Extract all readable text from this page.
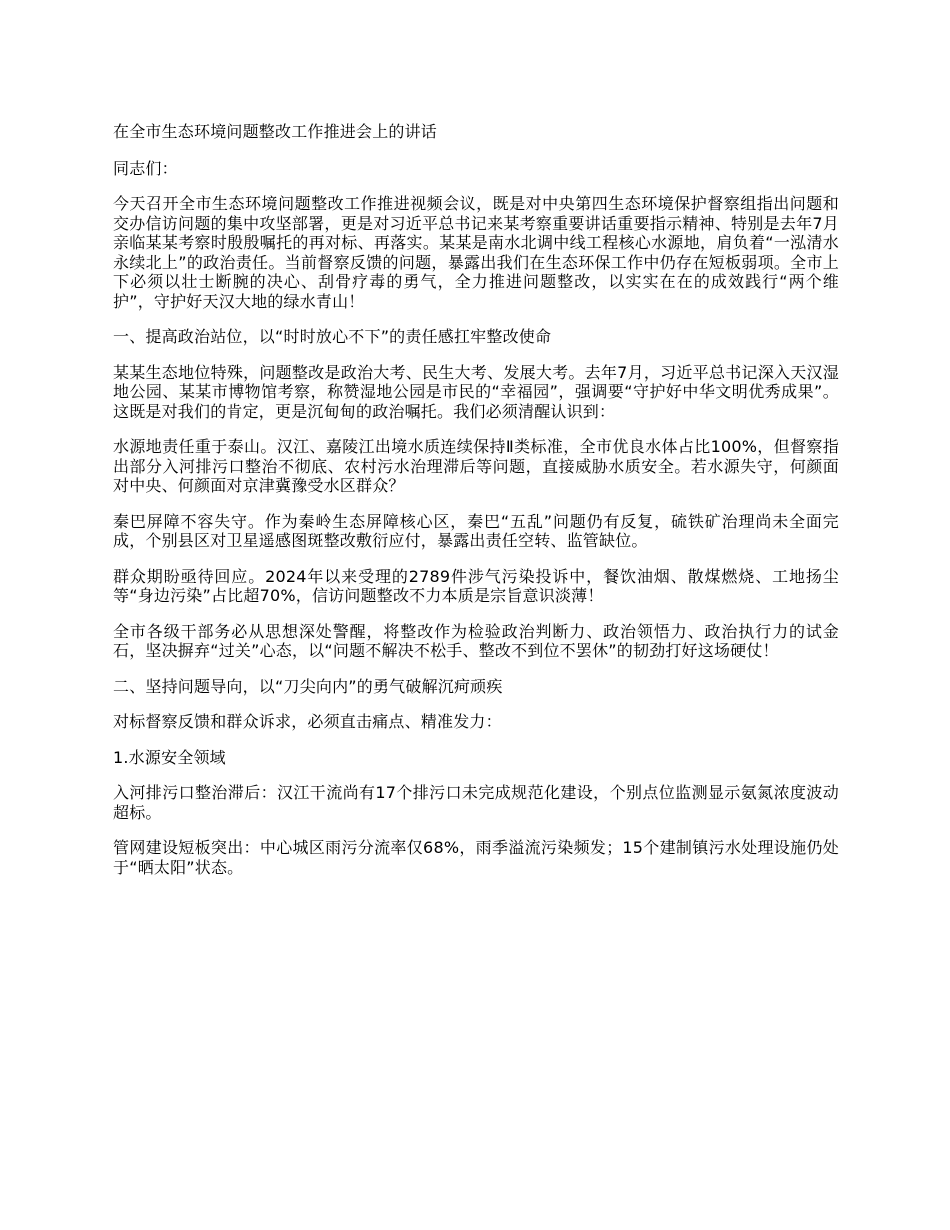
在全市生态环境问题整改工作推进会上的讲话

同志们：

今天召开全市生态环境问题整改工作推进视频会议，既是对中央第四生态环境保护督察组指出问题和交办信访问题的集中攻坚部署，更是对习近平总书记来某考察重要讲话重要指示精神、特别是去年7月亲临某某考察时殷殷嘱托的再对标、再落实。某某是南水北调中线工程核心水源地，肩负着“一泓清水永续北上”的政治责任。当前督察反馈的问题，暴露出我们在生态环保工作中仍存在短板弱项。全市上下必须以壮士断腕的决心、刮骨疗毒的勇气，全力推进问题整改，以实实在在的成效践行“两个维护”，守护好天汉大地的绿水青山！

一、提高政治站位，以“时时放心不下”的责任感扛牢整改使命

某某生态地位特殊，问题整改是政治大考、民生大考、发展大考。去年7月，习近平总书记深入天汉湿地公园、某某市博物馆考察，称赞湿地公园是市民的“幸福园”，强调要“守护好中华文明优秀成果”。这既是对我们的肯定，更是沉甸甸的政治嘱托。我们必须清醒认识到：

水源地责任重于泰山。汉江、嘉陵江出境水质连续保持Ⅱ类标准，全市优良水体占比100%，但督察指出部分入河排污口整治不彻底、农村污水治理滞后等问题，直接威胁水质安全。若水源失守，何颜面对中央、何颜面对京津冀豫受水区群众？

秦巴屏障不容失守。作为秦岭生态屏障核心区，秦巴“五乱”问题仍有反复，硫铁矿治理尚未全面完成，个别县区对卫星遥感图斑整改敷衍应付，暴露出责任空转、监管缺位。

群众期盼亟待回应。2024年以来受理的2789件涉气污染投诉中，餐饮油烟、散煤燃烧、工地扬尘等“身边污染”占比超70%，信访问题整改不力本质是宗旨意识淡薄！

全市各级干部务必从思想深处警醒，将整改作为检验政治判断力、政治领悟力、政治执行力的试金石，坚决摒弃“过关”心态，以“问题不解决不松手、整改不到位不罢休”的韧劲打好这场硬仗！

二、坚持问题导向，以“刀尖向内”的勇气破解沉疴顽疾

对标督察反馈和群众诉求，必须直击痛点、精准发力：

1.水源安全领域

入河排污口整治滞后：汉江干流尚有17个排污口未完成规范化建设，个别点位监测显示氨氮浓度波动超标。

管网建设短板突出：中心城区雨污分流率仅68%，雨季溢流污染频发；15个建制镇污水处理设施仍处于“晒太阳”状态。
